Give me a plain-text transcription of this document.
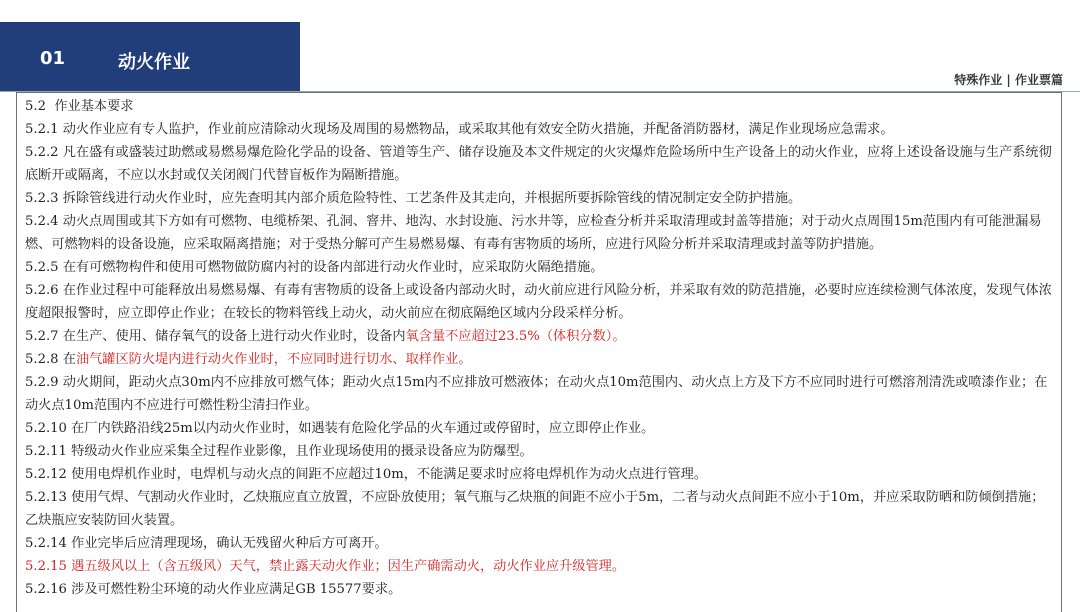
01	动火作业
特殊作业 | 作业票篇

5.2  作业基本要求

5.2.1 动火作业应有专人监护，作业前应清除动火现场及周围的易燃物品，或采取其他有效安全防火措施，并配备消防器材，满足作业现场应急需求。

5.2.2 凡在盛有或盛装过助燃或易燃易爆危险化学品的设备、管道等生产、储存设施及本文件规定的火灾爆炸危险场所中生产设备上的动火作业，应将上述设备设施与生产系统彻底断开或隔离，不应以水封或仅关闭阀门代替盲板作为隔断措施。

5.2.3 拆除管线进行动火作业时，应先查明其内部介质危险特性、工艺条件及其走向，并根据所要拆除管线的情况制定安全防护措施。

5.2.4 动火点周围或其下方如有可燃物、电缆桥架、孔洞、窨井、地沟、水封设施、污水井等，应检查分析并采取清理或封盖等措施；对于动火点周围15m范围内有可能泄漏易燃、可燃物料的设备设施，应采取隔离措施；对于受热分解可产生易燃易爆、有毒有害物质的场所，应进行风险分析并采取清理或封盖等防护措施。

5.2.5 在有可燃物构件和使用可燃物做防腐内衬的设备内部进行动火作业时，应采取防火隔绝措施。

5.2.6 在作业过程中可能释放出易燃易爆、有毒有害物质的设备上或设备内部动火时，动火前应进行风险分析，并采取有效的防范措施，必要时应连续检测气体浓度，发现气体浓度超限报警时，应立即停止作业；在较长的物料管线上动火，动火前应在彻底隔绝区域内分段采样分析。

5.2.7 在生产、使用、储存氧气的设备上进行动火作业时，设备内氧含量不应超过23.5%（体积分数）。

5.2.8 在油气罐区防火堤内进行动火作业时，不应同时进行切水、取样作业。

5.2.9 动火期间，距动火点30m内不应排放可燃气体；距动火点15m内不应排放可燃液体；在动火点10m范围内、动火点上方及下方不应同时进行可燃溶剂清洗或喷漆作业；在动火点10m范围内不应进行可燃性粉尘清扫作业。

5.2.10 在厂内铁路沿线25m以内动火作业时，如遇装有危险化学品的火车通过或停留时，应立即停止作业。

5.2.11 特级动火作业应采集全过程作业影像，且作业现场使用的摄录设备应为防爆型。

5.2.12 使用电焊机作业时，电焊机与动火点的间距不应超过10m，不能满足要求时应将电焊机作为动火点进行管理。

5.2.13 使用气焊、气割动火作业时，乙炔瓶应直立放置，不应卧放使用；氧气瓶与乙炔瓶的间距不应小于5m，二者与动火点间距不应小于10m，并应采取防晒和防倾倒措施；乙炔瓶应安装防回火装置。

5.2.14 作业完毕后应清理现场，确认无残留火种后方可离开。

5.2.15 遇五级风以上（含五级风）天气，禁止露天动火作业；因生产确需动火，动火作业应升级管理。

5.2.16 涉及可燃性粉尘环境的动火作业应满足GB 15577要求。
